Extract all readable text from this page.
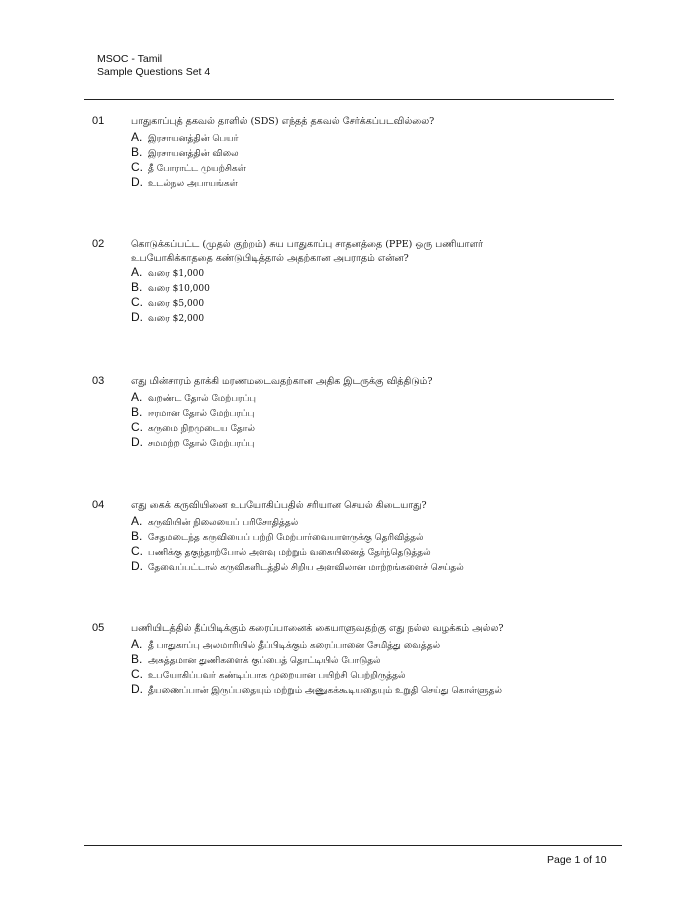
MSOC - Tamil
Sample Questions Set 4
01	பாதுகாப்புத் தகவல் தாளில் (SDS) எந்தத் தகவல் சேர்க்கப்படவில்லை?
A. இரசாயனத்தின் பெயர்
B. இரசாயனத்தின் விலை
C. தீ போராட்ட முயற்சிகள்
D. உடல்நல அபாயங்கள்
02	கொடுக்கப்பட்ட (முதல் குற்றம்) சுய பாதுகாப்பு சாதனத்தை (PPE) ஒரு பணியாளர் உபயோகிக்காததை கண்டுபிடித்தால் அதற்கான அபராதம் என்ன?
A. வரை $1,000
B. வரை $10,000
C. வரை $5,000
D. வரை $2,000
03	எது மின்சாரம் தாக்கி மரணமடைவதற்கான அதிக இடருக்கு வித்திடும்?
A. வறண்ட தோல் மேற்பரப்பு
B. ஈரமான தோல் மேற்பரப்பு
C. கருமை நிறமுடைய தோல்
D. சமமற்ற தோல் மேற்பரப்பு
04	எது கைக் கருவியினை உபயோகிப்பதில் சரியான செயல் கிடையாது?
A. கருவியின் நிலையைப் பரிசோதித்தல்
B. சேதமடைந்த கருவியைப் பற்றி மேற்பார்வையாளருக்கு தெரிவித்தல்
C. பணிக்கு தகுந்தாற்போல் அளவு மற்றும் வகையினைத் தேர்ந்தெடுத்தல்
D. தேவைப்பட்டால் கருவிகளிடத்தில் சிறிய அளவிலான மாற்றங்களைச் செய்தல்
05	பணியிடத்தில் தீப்பிடிக்கும் கரைப்பானைக் கையாளுவதற்கு எது நல்ல வழக்கம் அல்ல?
A. தீ பாதுகாப்பு அலமாரியில் தீப்பிடிக்கும் கரைப்பானை சேமித்து வைத்தல்
B. அசுத்தமான துணிகளைக் குப்பைத் தொட்டியில் போடுதல்
C. உபயோகிப்பவர் கண்டிப்பாக முறையான பயிற்சி பெற்றிருத்தல்
D. தீயணைப்பான் இருப்பதையும் மற்றும் அணுகக்கூடியதையும் உறுதி செய்து கொள்ளுதல்
Page 1 of 10
